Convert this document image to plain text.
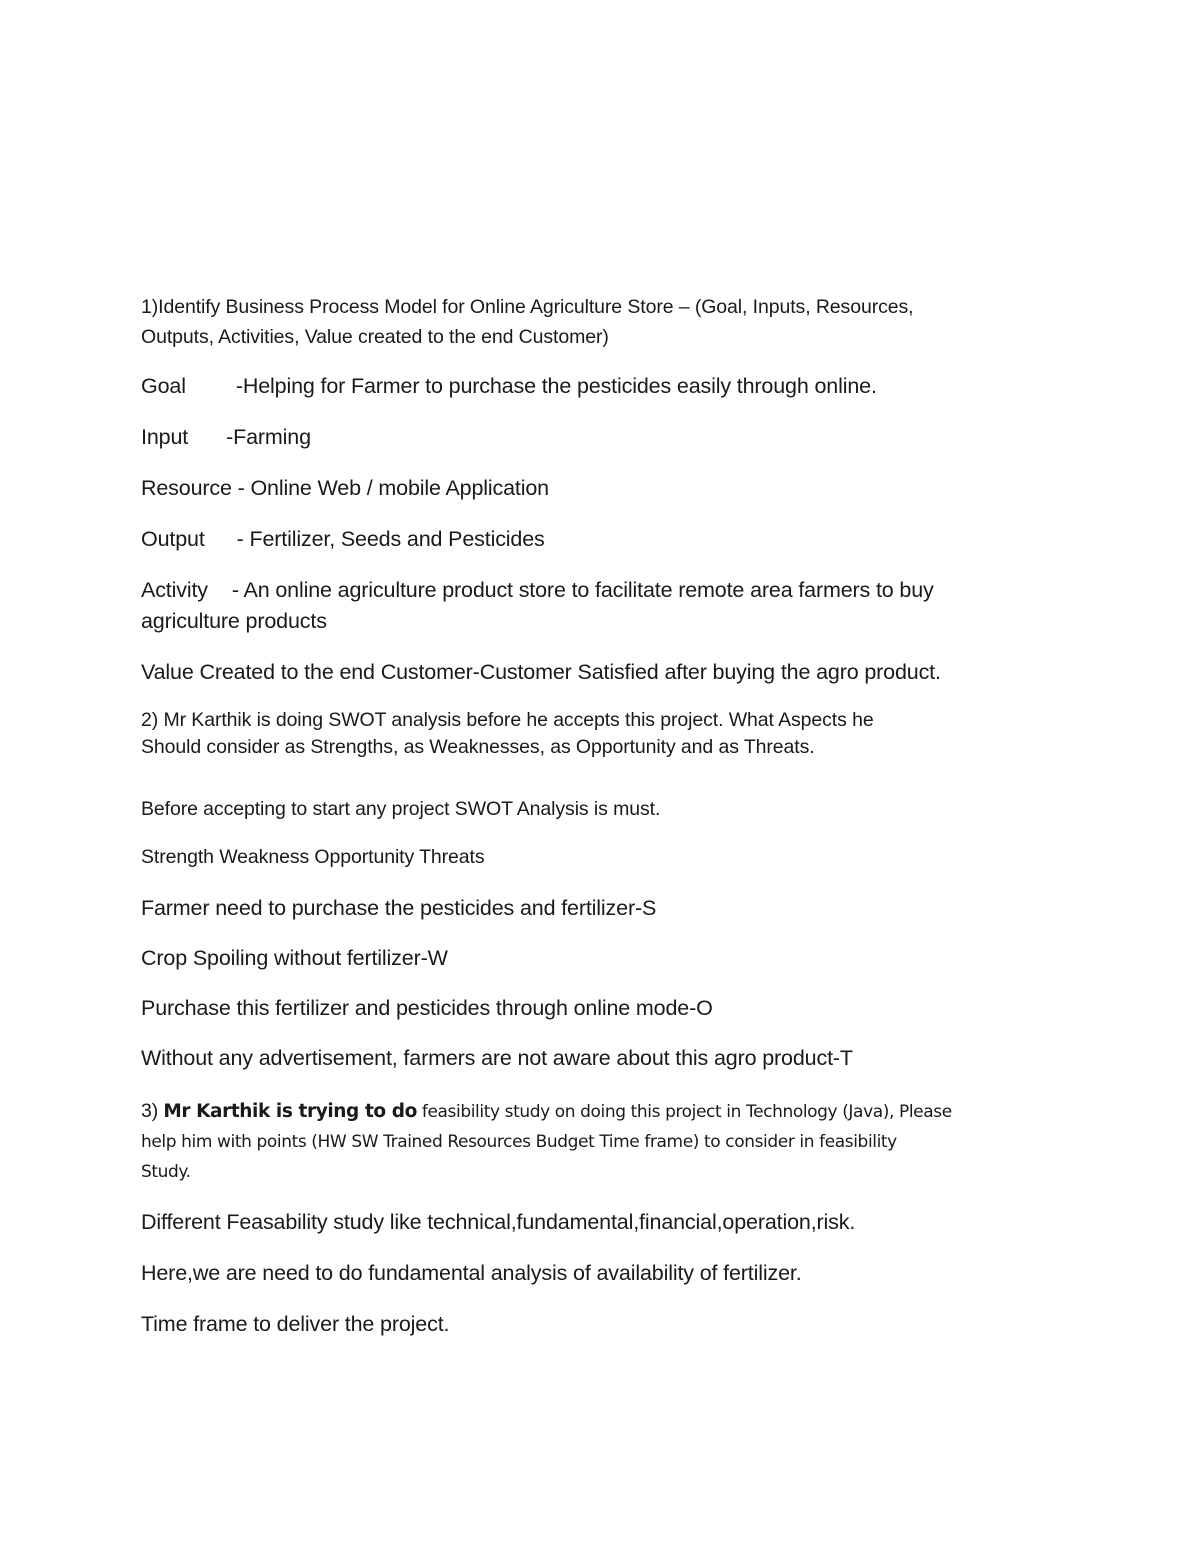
1)Identify Business Process Model for Online Agriculture Store – (Goal, Inputs, Resources,

Outputs, Activities, Value created to the end Customer)

Goal -Helping for Farmer to purchase the pesticides easily through online.

Input -Farming

Resource - Online Web / mobile Application

Output - Fertilizer, Seeds and Pesticides

Activity - An online agriculture product store to facilitate remote area farmers to buy

agriculture products

Value Created to the end Customer-Customer Satisfied after buying the agro product.

2) Mr Karthik is doing SWOT analysis before he accepts this project. What Aspects he

Should consider as Strengths, as Weaknesses, as Opportunity and as Threats.

Before accepting to start any project SWOT Analysis is must.

Strength Weakness Opportunity Threats

Farmer need to purchase the pesticides and fertilizer-S

Crop Spoiling without fertilizer-W

Purchase this fertilizer and pesticides through online mode-O

Without any advertisement, farmers are not aware about this agro product-T

3) Mr Karthik is trying to do feasibility study on doing this project in Technology (Java), Please

help him with points (HW SW Trained Resources Budget Time frame) to consider in feasibility

Study.

Different Feasability study like technical,fundamental,financial,operation,risk.

Here,we are need to do fundamental analysis of availability of fertilizer.

Time frame to deliver the project.
